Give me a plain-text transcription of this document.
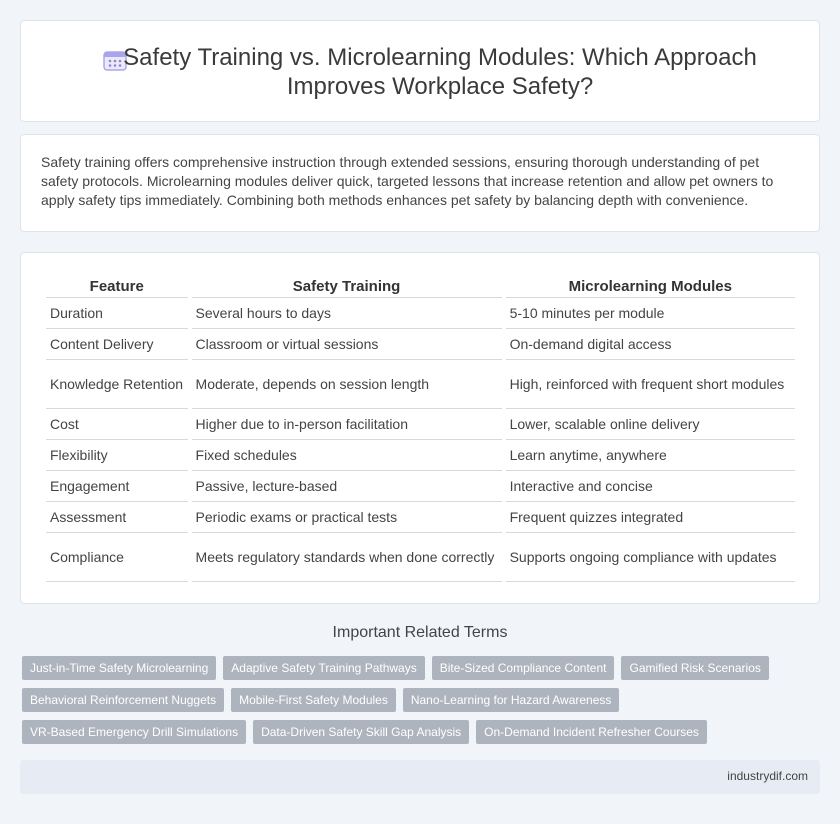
Safety Training vs. Microlearning Modules: Which Approach Improves Workplace Safety?

Safety training offers comprehensive instruction through extended sessions, ensuring thorough understanding of pet safety protocols. Microlearning modules deliver quick, targeted lessons that increase retention and allow pet owners to apply safety tips immediately. Combining both methods enhances pet safety by balancing depth with convenience.

Feature	Safety Training	Microlearning Modules
Duration	Several hours to days	5-10 minutes per module
Content Delivery	Classroom or virtual sessions	On-demand digital access
Knowledge Retention	Moderate, depends on session length	High, reinforced with frequent short modules
Cost	Higher due to in-person facilitation	Lower, scalable online delivery
Flexibility	Fixed schedules	Learn anytime, anywhere
Engagement	Passive, lecture-based	Interactive and concise
Assessment	Periodic exams or practical tests	Frequent quizzes integrated
Compliance	Meets regulatory standards when done correctly	Supports ongoing compliance with updates
Important Related Terms
Just-in-Time Safety Microlearning	Adaptive Safety Training Pathways	Bite-Sized Compliance Content	Gamified Risk Scenarios
Behavioral Reinforcement Nuggets	Mobile-First Safety Modules	Nano-Learning for Hazard Awareness
VR-Based Emergency Drill Simulations	Data-Driven Safety Skill Gap Analysis	On-Demand Incident Refresher Courses
industrydif.com
